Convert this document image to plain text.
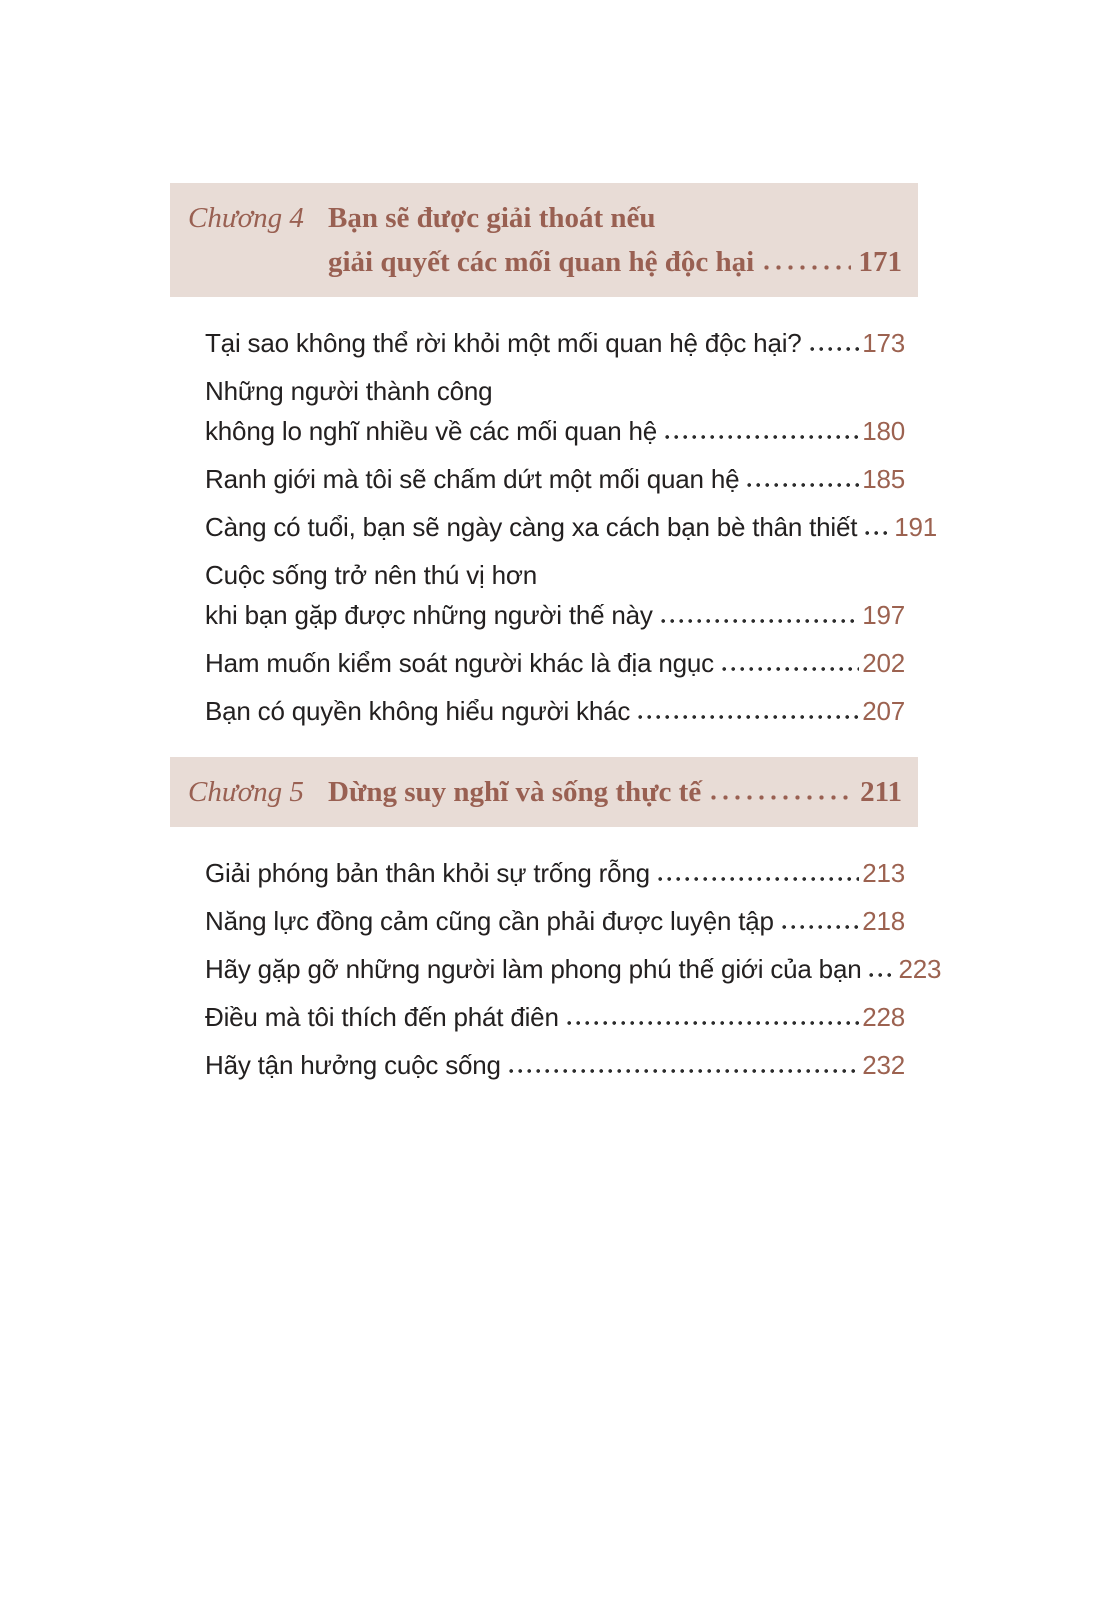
Chương 4 Bạn sẽ được giải thoát nếu
giải quyết các mối quan hệ độc hại	171
Tại sao không thể rời khỏi một mối quan hệ độc hại? 173
Những người thành công
không lo nghĩ nhiều về các mối quan hệ	180
Ranh giới mà tôi sẽ chấm dứt một mối quan hệ	185
Càng có tuổi, bạn sẽ ngày càng xa cách bạn bè thân thiết 191
Cuộc sống trở nên thú vị hơn
khi bạn gặp được những người thế này	197
Ham muốn kiểm soát người khác là địa ngục	202
Bạn có quyền không hiểu người khác	207
Chương 5 Dừng suy nghĩ và sống thực tế	211
Giải phóng bản thân khỏi sự trống rỗng	213
Năng lực đồng cảm cũng cần phải được luyện tập	218
Hãy gặp gỡ những người làm phong phú thế giới của bạn 223
Điều mà tôi thích đến phát điên	228
Hãy tận hưởng cuộc sống	232
